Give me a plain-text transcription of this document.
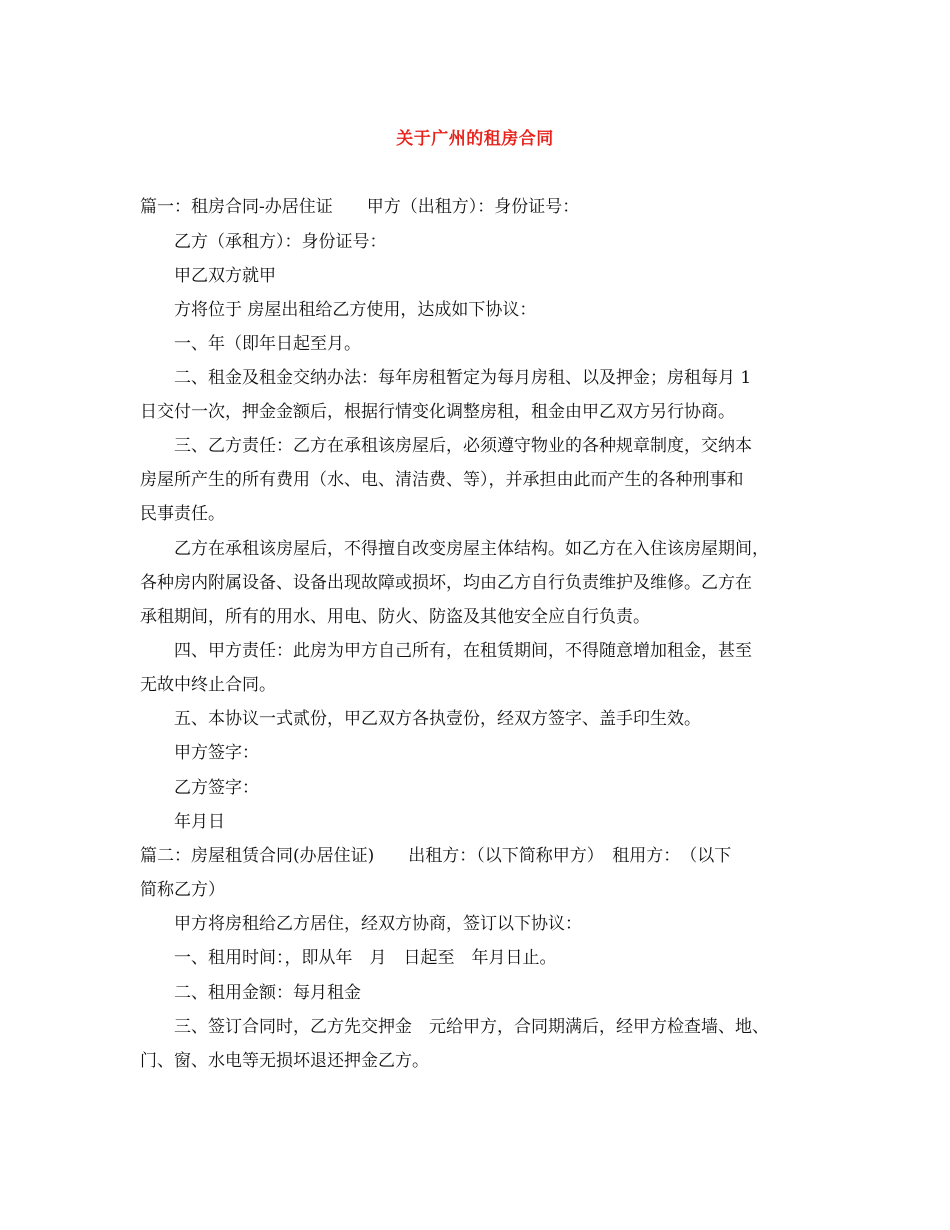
关于广州的租房合同
篇一：租房合同-办居住证　　甲方（出租方）：身份证号：
乙方（承租方）：身份证号：
甲乙双方就甲
方将位于 房屋出租给乙方使用，达成如下协议：
一、年（即年日起至月。
二、租金及租金交纳办法：每年房租暂定为每月房租、以及押金；房租每月 1
日交付一次，押金金额后，根据行情变化调整房租，租金由甲乙双方另行协商。
三、乙方责任：乙方在承租该房屋后，必须遵守物业的各种规章制度，交纳本
房屋所产生的所有费用（水、电、清洁费、等），并承担由此而产生的各种刑事和
民事责任。
乙方在承租该房屋后，不得擅自改变房屋主体结构。如乙方在入住该房屋期间，
各种房内附属设备、设备出现故障或损坏，均由乙方自行负责维护及维修。乙方在
承租期间，所有的用水、用电、防火、防盗及其他安全应自行负责。
四、甲方责任：此房为甲方自己所有，在租赁期间，不得随意增加租金，甚至
无故中终止合同。
五、本协议一式贰份，甲乙双方各执壹份，经双方签字、盖手印生效。
甲方签字：
乙方签字：
年月日
篇二：房屋租赁合同(办居住证)　　出租方：（以下简称甲方）　租用方：　（以下
简称乙方）
甲方将房租给乙方居住，经双方协商，签订以下协议：
一、租用时间：，即从年　月　日起至　年月日止。
二、租用金额：每月租金
三、签订合同时，乙方先交押金　元给甲方，合同期满后，经甲方检查墙、地、
门、窗、水电等无损坏退还押金乙方。
